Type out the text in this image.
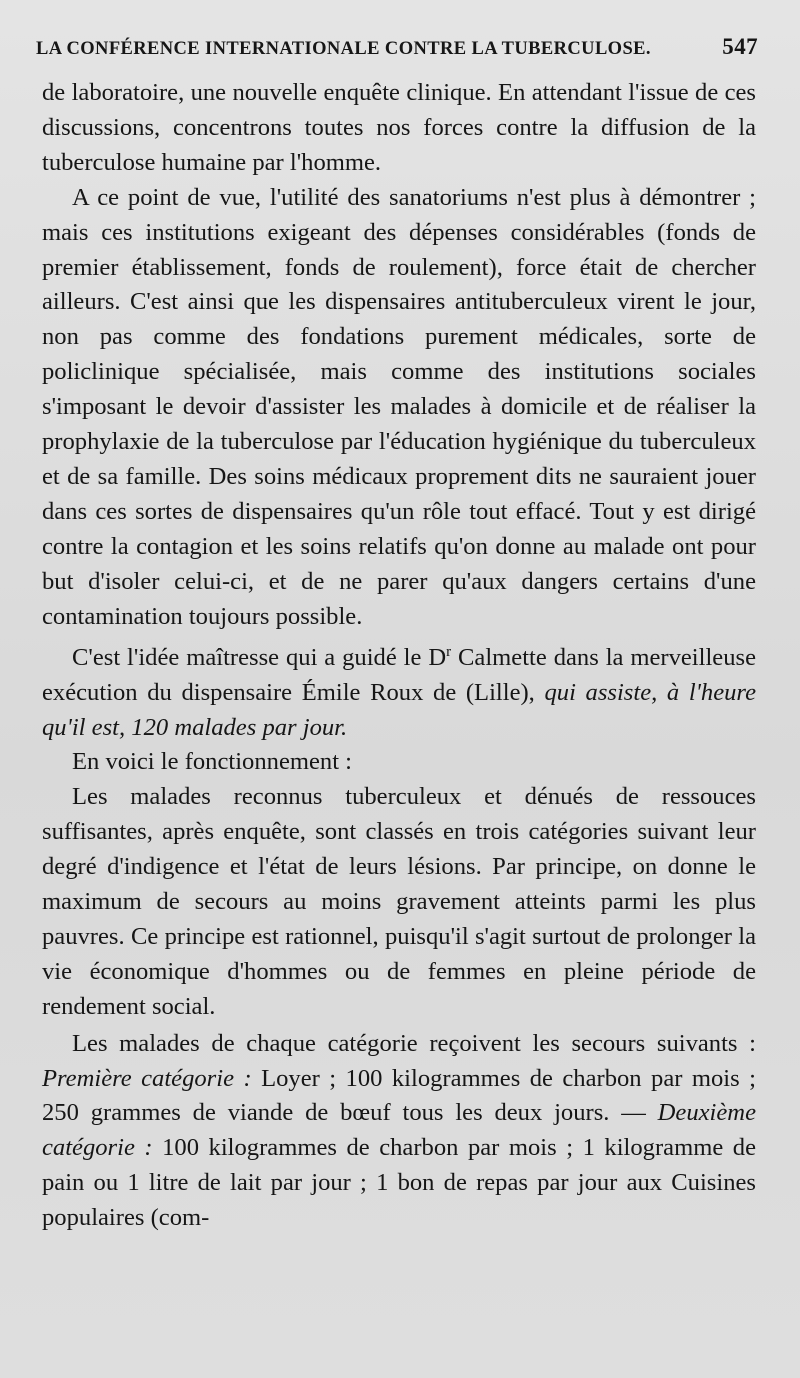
LA CONFÉRENCE INTERNATIONALE CONTRE LA TUBERCULOSE.	547

de laboratoire, une nouvelle enquête clinique. En attendant l'issue de ces discussions, concentrons toutes nos forces contre la diffusion de la tuberculose humaine par l'homme.

A ce point de vue, l'utilité des sanatoriums n'est plus à démontrer ; mais ces institutions exigeant des dépenses considérables (fonds de premier établissement, fonds de roulement), force était de chercher ailleurs. C'est ainsi que les dispensaires antituberculeux virent le jour, non pas comme des fondations purement médicales, sorte de policlinique spécialisée, mais comme des institutions sociales s'imposant le devoir d'assister les malades à domicile et de réaliser la prophylaxie de la tuberculose par l'éducation hygiénique du tuberculeux et de sa famille. Des soins médicaux proprement dits ne sauraient jouer dans ces sortes de dispensaires qu'un rôle tout effacé. Tout y est dirigé contre la contagion et les soins relatifs qu'on donne au malade ont pour but d'isoler celui-ci, et de ne parer qu'aux dangers certains d'une contamination toujours possible.

C'est l'idée maîtresse qui a guidé le $D^r$ Calmette dans la merveilleuse exécution du dispensaire Émile Roux de (Lille), qui assiste, à l'heure qu'il est, 120 malades par jour.

En voici le fonctionnement :

Les malades reconnus tuberculeux et dénués de ressouces suffisantes, après enquête, sont classés en trois catégories suivant leur degré d'indigence et l'état de leurs lésions. Par principe, on donne le maximum de secours au moins gravement atteints parmi les plus pauvres. Ce principe est rationnel, puisqu'il s'agit surtout de prolonger la vie économique d'hommes ou de femmes en pleine période de rendement social.

Les malades de chaque catégorie reçoivent les secours suivants : Première catégorie : Loyer ; 100 kilogrammes de charbon par mois ; 250 grammes de viande de bœuf tous les deux jours. — Deuxième catégorie : 100 kilogrammes de charbon par mois ; 1 kilogramme de pain ou 1 litre de lait par jour ; 1 bon de repas par jour aux Cuisines populaires (com-
